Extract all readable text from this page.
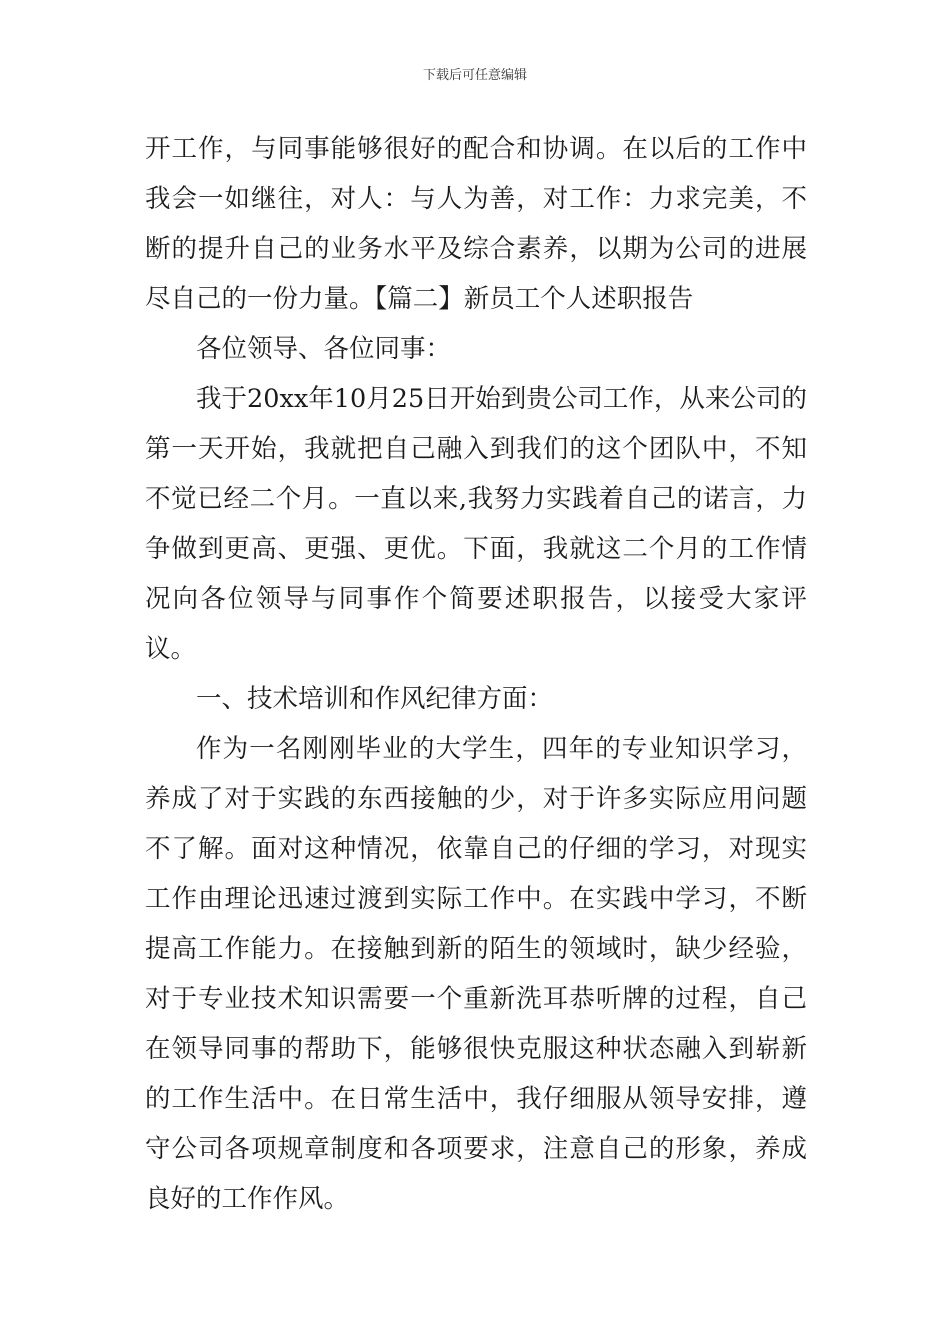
下载后可任意编辑

开工作，与同事能够很好的配合和协调。在以后的工作中我会一如继往，对人：与人为善，对工作：力求完美，不断的提升自己的业务水平及综合素养，以期为公司的进展尽自己的一份力量。【篇二】新员工个人述职报告

各位领导、各位同事：

我于20xx年10月25日开始到贵公司工作，从来公司的第一天开始，我就把自己融入到我们的这个团队中，不知不觉已经二个月。一直以来,我努力实践着自己的诺言，力争做到更高、更强、更优。下面，我就这二个月的工作情况向各位领导与同事作个简要述职报告，以接受大家评议。

一、技术培训和作风纪律方面：

作为一名刚刚毕业的大学生，四年的专业知识学习，养成了对于实践的东西接触的少，对于许多实际应用问题不了解。面对这种情况，依靠自己的仔细的学习，对现实工作由理论迅速过渡到实际工作中。在实践中学习，不断提高工作能力。在接触到新的陌生的领域时，缺少经验，对于专业技术知识需要一个重新洗耳恭听牌的过程，自己在领导同事的帮助下，能够很快克服这种状态融入到崭新的工作生活中。在日常生活中，我仔细服从领导安排，遵守公司各项规章制度和各项要求，注意自己的形象，养成良好的工作作风。
